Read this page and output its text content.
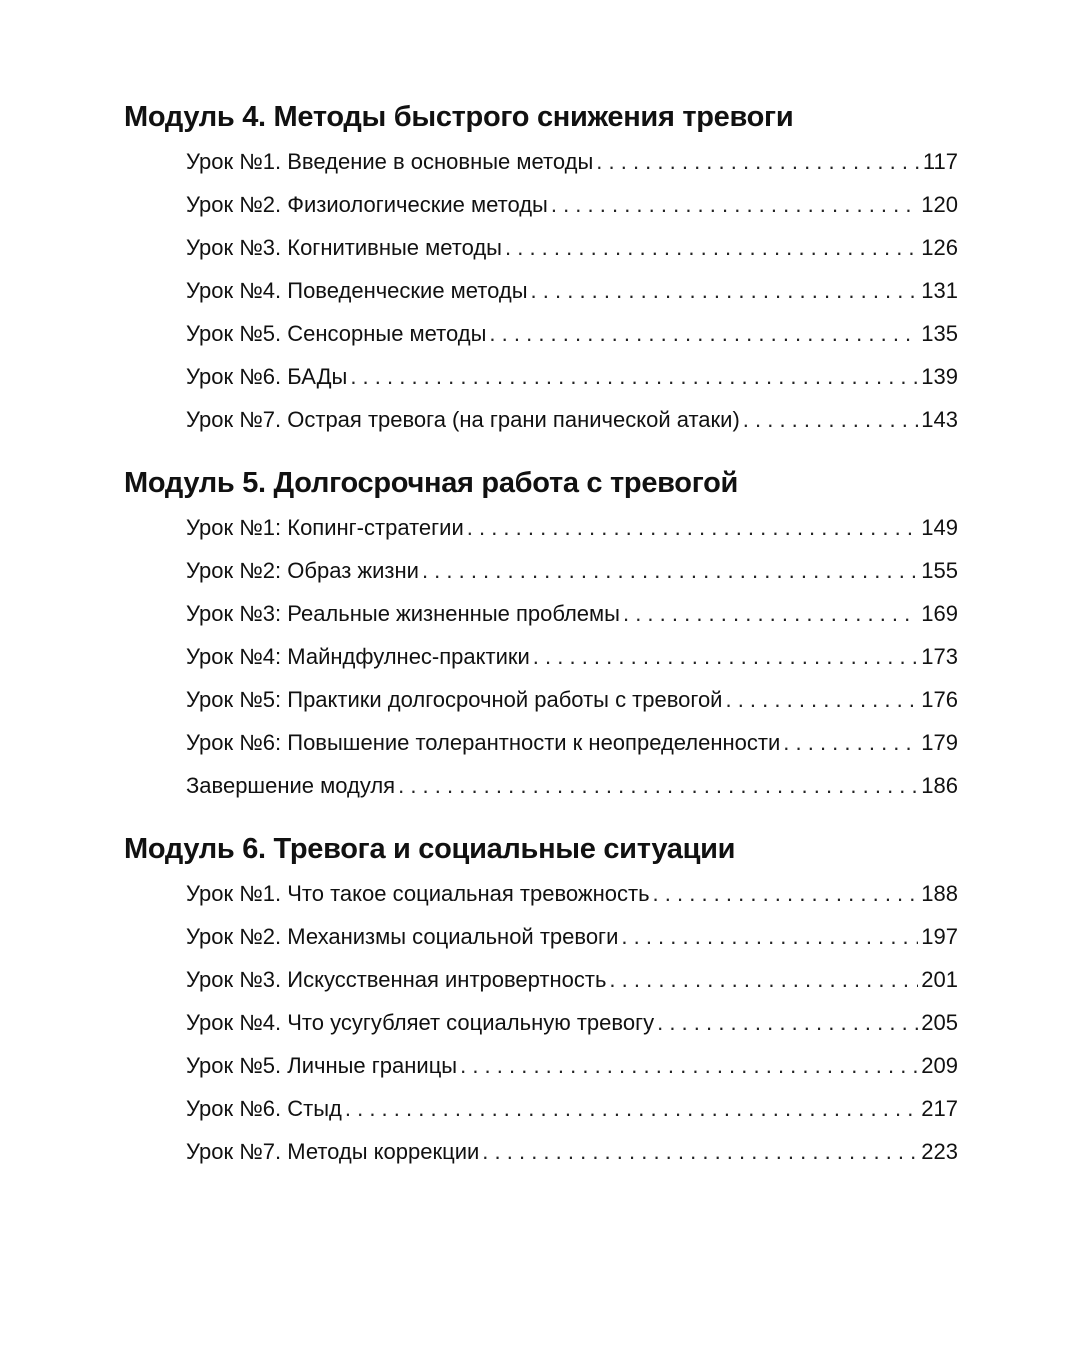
Модуль 4. Методы быстрого снижения тревоги
Урок №1. Введение в основные методы . . .	117
Урок №2. Физиологические методы . . .	120
Урок №3. Когнитивные методы . . .	126
Урок №4. Поведенческие методы . . .	131
Урок №5. Сенсорные методы . . .	135
Урок №6. БАДы . . .	139
Урок №7. Острая тревога (на грани панической атаки) . . .	143
Модуль 5. Долгосрочная работа с тревогой
Урок №1: Копинг-стратегии . . .	149
Урок №2: Образ жизни . . .	155
Урок №3: Реальные жизненные проблемы . . .	169
Урок №4: Майндфулнес-практики . . .	173
Урок №5: Практики долгосрочной работы с тревогой . . .	176
Урок №6: Повышение толерантности к неопределенности . . .	179
Завершение модуля . . .	186
Модуль 6. Тревога и социальные ситуации
Урок №1. Что такое социальная тревожность . . .	188
Урок №2. Механизмы социальной тревоги . . .	197
Урок №3. Искусственная интровертность . . .	201
Урок №4. Что усугубляет социальную тревогу . . .	205
Урок №5. Личные границы . . .	209
Урок №6. Стыд . . .	217
Урок №7. Методы коррекции . . .	223
